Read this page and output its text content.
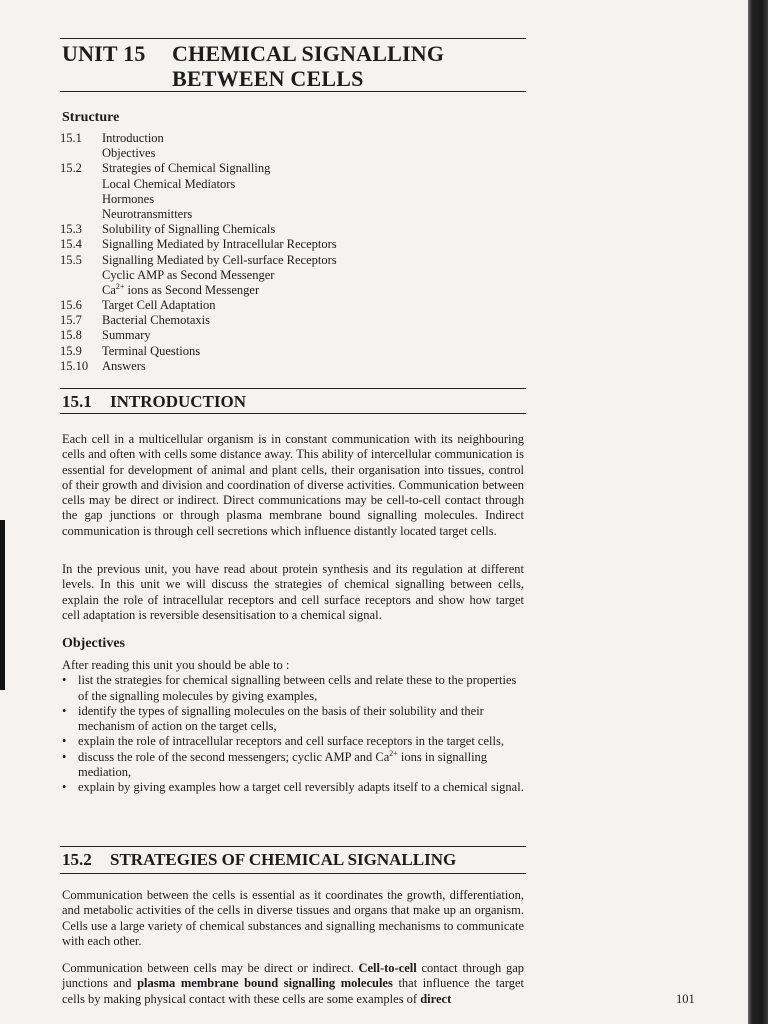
UNIT 15 CHEMICAL SIGNALLING
BETWEEN CELLS
Structure
15.1 Introduction
Objectives
15.2 Strategies of Chemical Signalling
Local Chemical Mediators
Hormones
Neurotransmitters
15.3 Solubility of Signalling Chemicals
15.4 Signalling Mediated by Intracellular Receptors
15.5 Signalling Mediated by Cell-surface Receptors
Cyclic AMP as Second Messenger
$Ca^{2+}$ ions as Second Messenger
15.6 Target Cell Adaptation
15.7 Bacterial Chemotaxis
15.8 Summary
15.9 Terminal Questions
15.10 Answers
15.1 INTRODUCTION
Each cell in a multicellular organism is in constant communication with its neighbouring cells and often with cells some distance away. This ability of intercellular communication is essential for development of animal and plant cells, their organisation into tissues, control of their growth and division and coordination of diverse activities. Communication between cells may be direct or indirect. Direct communications may be cell-to-cell contact through the gap junctions or through plasma membrane bound signalling molecules. Indirect communication is through cell secretions which influence distantly located target cells.
In the previous unit, you have read about protein synthesis and its regulation at different levels. In this unit we will discuss the strategies of chemical signalling between cells, explain the role of intracellular receptors and cell surface receptors and show how target cell adaptation is reversible desensitisation to a chemical signal.
Objectives

After reading this unit you should be able to :

• list the strategies for chemical signalling between cells and relate these to the properties of the signalling molecules by giving examples,
• identify the types of signalling molecules on the basis of their solubility and their mechanism of action on the target cells,
• explain the role of intracellular receptors and cell surface receptors in the target cells,
• discuss the role of the second messengers; cyclic AMP and $Ca^{2+}$ ions in signalling mediation,
• explain by giving examples how a target cell reversibly adapts itself to a chemical signal.
15.2 STRATEGIES OF CHEMICAL SIGNALLING
Communication between the cells is essential as it coordinates the growth, differentiation, and metabolic activities of the cells in diverse tissues and organs that make up an organism. Cells use a large variety of chemical substances and signalling mechanisms to communicate with each other.
Communication between cells may be direct or indirect. Cell-to-cell contact through gap junctions and plasma membrane bound signalling molecules that influence the target cells by making physical contact with these cells are some examples of direct	101
